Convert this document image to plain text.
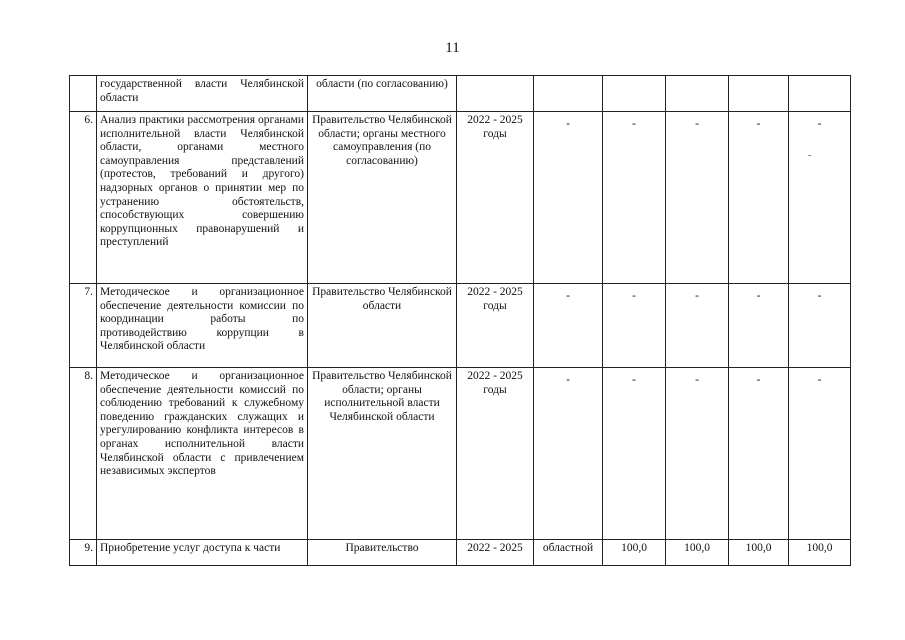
11
-
	государственной власти Челябинской области	области (по согласованию)						
6.	Анализ практики рассмотрения органами исполнительной власти Челябинской области, органами местного самоуправления представлений (протестов, требований и другого) надзорных органов о принятии мер по устранению обстоятельств, способствующих совершению коррупционных правонарушений и преступлений	Правительство Челябинской области; органы местного самоуправления (по согласованию)	2022 - 2025 годы	-	-	-	-	-
7.	Методическое и организационное обеспечение деятельности комиссии по координации работы по противодействию коррупции в Челябинской области	Правительство Челябинской области	2022 - 2025 годы	-	-	-	-	-
8.	Методическое и организационное обеспечение деятельности комиссий по соблюдению требований к служебному поведению гражданских служащих и урегулированию конфликта интересов в органах исполнительной власти Челябинской области с привлечением независимых экспертов	Правительство Челябинской области; органы исполнительной власти Челябинской области	2022 - 2025 годы	-	-	-	-	-
9.	Приобретение услуг доступа к части	Правительство	2022 - 2025	областной	100,0	100,0	100,0	100,0
